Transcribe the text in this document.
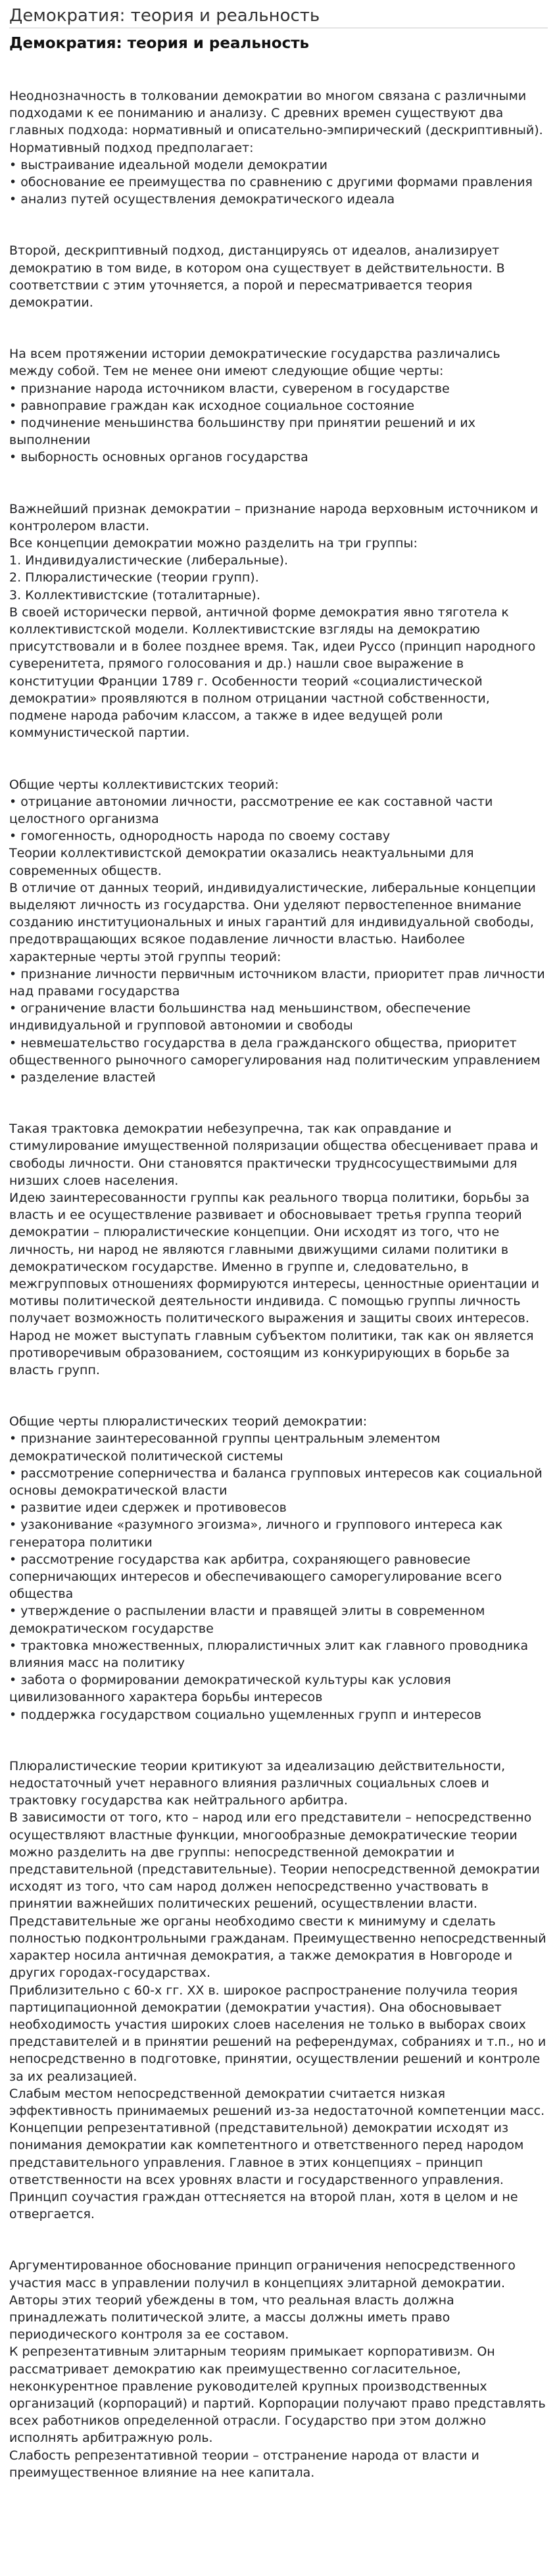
Демократия: теория и реальность
Демократия: теория и реальность
Неоднозначность в толковании демократии во многом связана с различными подходами к ее пониманию и анализу. С древних времен существуют два главных подхода: нормативный и описательно-эмпирический (дескриптивный).
Нормативный подход предполагает:
• выстраивание идеальной модели демократии
• обоснование ее преимущества по сравнению с другими формами правления
• анализ путей осуществления демократического идеала
Второй, дескриптивный подход, дистанцируясь от идеалов, анализирует демократию в том виде, в котором она существует в действительности. В соответствии с этим уточняется, а порой и пересматривается теория демократии.
На всем протяжении истории демократические государства различались между собой. Тем не менее они имеют следующие общие черты:
• признание народа источником власти, сувереном в государстве
• равноправие граждан как исходное социальное состояние
• подчинение меньшинства большинству при принятии решений и их выполнении
• выборность основных органов государства
Важнейший признак демократии – признание народа верховным источником и контролером власти.
Все концепции демократии можно разделить на три группы:
1. Индивидуалистические (либеральные).
2. Плюралистические (теории групп).
3. Коллективистские (тоталитарные).
В своей исторически первой, античной форме демократия явно тяготела к коллективистской модели. Коллективистские взгляды на демократию присутствовали и в более позднее время. Так, идеи Руссо (принцип народного суверенитета, прямого голосования и др.) нашли свое выражение в конституции Франции 1789 г. Особенности теорий «социалистической демократии» проявляются в полном отрицании частной собственности, подмене народа рабочим классом, а также в идее ведущей роли коммунистической партии.
Общие черты коллективистских теорий:
• отрицание автономии личности, рассмотрение ее как составной части целостного организма
• гомогенность, однородность народа по своему составу
Теории коллективистской демократии оказались неактуальными для современных обществ.
В отличие от данных теорий, индивидуалистические, либеральные концепции выделяют личность из государства. Они уделяют первостепенное внимание созданию институциональных и иных гарантий для индивидуальной свободы, предотвращающих всякое подавление личности властью. Наиболее характерные черты этой группы теорий:
• признание личности первичным источником власти, приоритет прав личности над правами государства
• ограничение власти большинства над меньшинством, обеспечение индивидуальной и групповой автономии и свободы
• невмешательство государства в дела гражданского общества, приоритет общественного рыночного саморегулирования над политическим управлением
• разделение властей
Такая трактовка демократии небезупречна, так как оправдание и стимулирование имущественной поляризации общества обесценивает права и свободы личности. Они становятся практически труднсосуществимыми для низших слоев населения.
Идею заинтересованности группы как реального творца политики, борьбы за власть и ее осуществление развивает и обосновывает третья группа теорий демократии – плюралистические концепции. Они исходят из того, что не личность, ни народ не являются главными движущими силами политики в демократическом государстве. Именно в группе и, следовательно, в межгрупповых отношениях формируются интересы, ценностные ориентации и мотивы политической деятельности индивида. С помощью группы личность получает возможность политического выражения и защиты своих интересов. Народ не может выступать главным субъектом политики, так как он является противоречивым образованием, состоящим из конкурирующих в борьбе за власть групп.
Общие черты плюралистических теорий демократии:
• признание заинтересованной группы центральным элементом демократической политической системы
• рассмотрение соперничества и баланса групповых интересов как социальной основы демократической власти
• развитие идеи сдержек и противовесов
• узаконивание «разумного эгоизма», личного и группового интереса как генератора политики
• рассмотрение государства как арбитра, сохраняющего равновесие соперничающих интересов и обеспечивающего саморегулирование всего общества
• утверждение о распылении власти и правящей элиты в современном демократическом государстве
• трактовка множественных, плюралистичных элит как главного проводника влияния масс на политику
• забота о формировании демократической культуры как условия цивилизованного характера борьбы интересов
• поддержка государством социально ущемленных групп и интересов
Плюралистические теории критикуют за идеализацию действительности, недостаточный учет неравного влияния различных социальных слоев и трактовку государства как нейтрального арбитра.
В зависимости от того, кто – народ или его представители – непосредственно осуществляют властные функции, многообразные демократические теории можно разделить на две группы: непосредственной демократии и представительной (представительные). Теории непосредственной демократии исходят из того, что сам народ должен непосредственно участвовать в принятии важнейших политических решений, осуществлении власти. Представительные же органы необходимо свести к минимуму и сделать полностью подконтрольными гражданам. Преимущественно непосредственный характер носила античная демократия, а также демократия в Новгороде и других городах-государствах.
Приблизительно с 60-х гг. XX в. широкое распространение получила теория партиципационной демократии (демократии участия). Она обосновывает необходимость участия широких слоев населения не только в выборах своих представителей и в принятии решений на референдумах, собраниях и т.п., но и непосредственно в подготовке, принятии, осуществлении решений и контроле за их реализацией.
Слабым местом непосредственной демократии считается низкая эффективность принимаемых решений из-за недостаточной компетенции масс.
Концепции репрезентативной (представительной) демократии исходят из понимания демократии как компетентного и ответственного перед народом представительного управления. Главное в этих концепциях – принцип ответственности на всех уровнях власти и государственного управления. Принцип соучастия граждан оттесняется на второй план, хотя в целом и не отвергается.
Аргументированное обоснование принцип ограничения непосредственного участия масс в управлении получил в концепциях элитарной демократии. Авторы этих теорий убеждены в том, что реальная власть должна принадлежать политической элите, а массы должны иметь право периодического контроля за ее составом.
К репрезентативным элитарным теориям примыкает корпоративизм. Он рассматривает демократию как преимущественно согласительное, неконкурентное правление руководителей крупных производственных организаций (корпораций) и партий. Корпорации получают право представлять всех работников определенной отрасли. Государство при этом должно исполнять арбитражную роль.
Слабость репрезентативной теории – отстранение народа от власти и преимущественное влияние на нее капитала.
